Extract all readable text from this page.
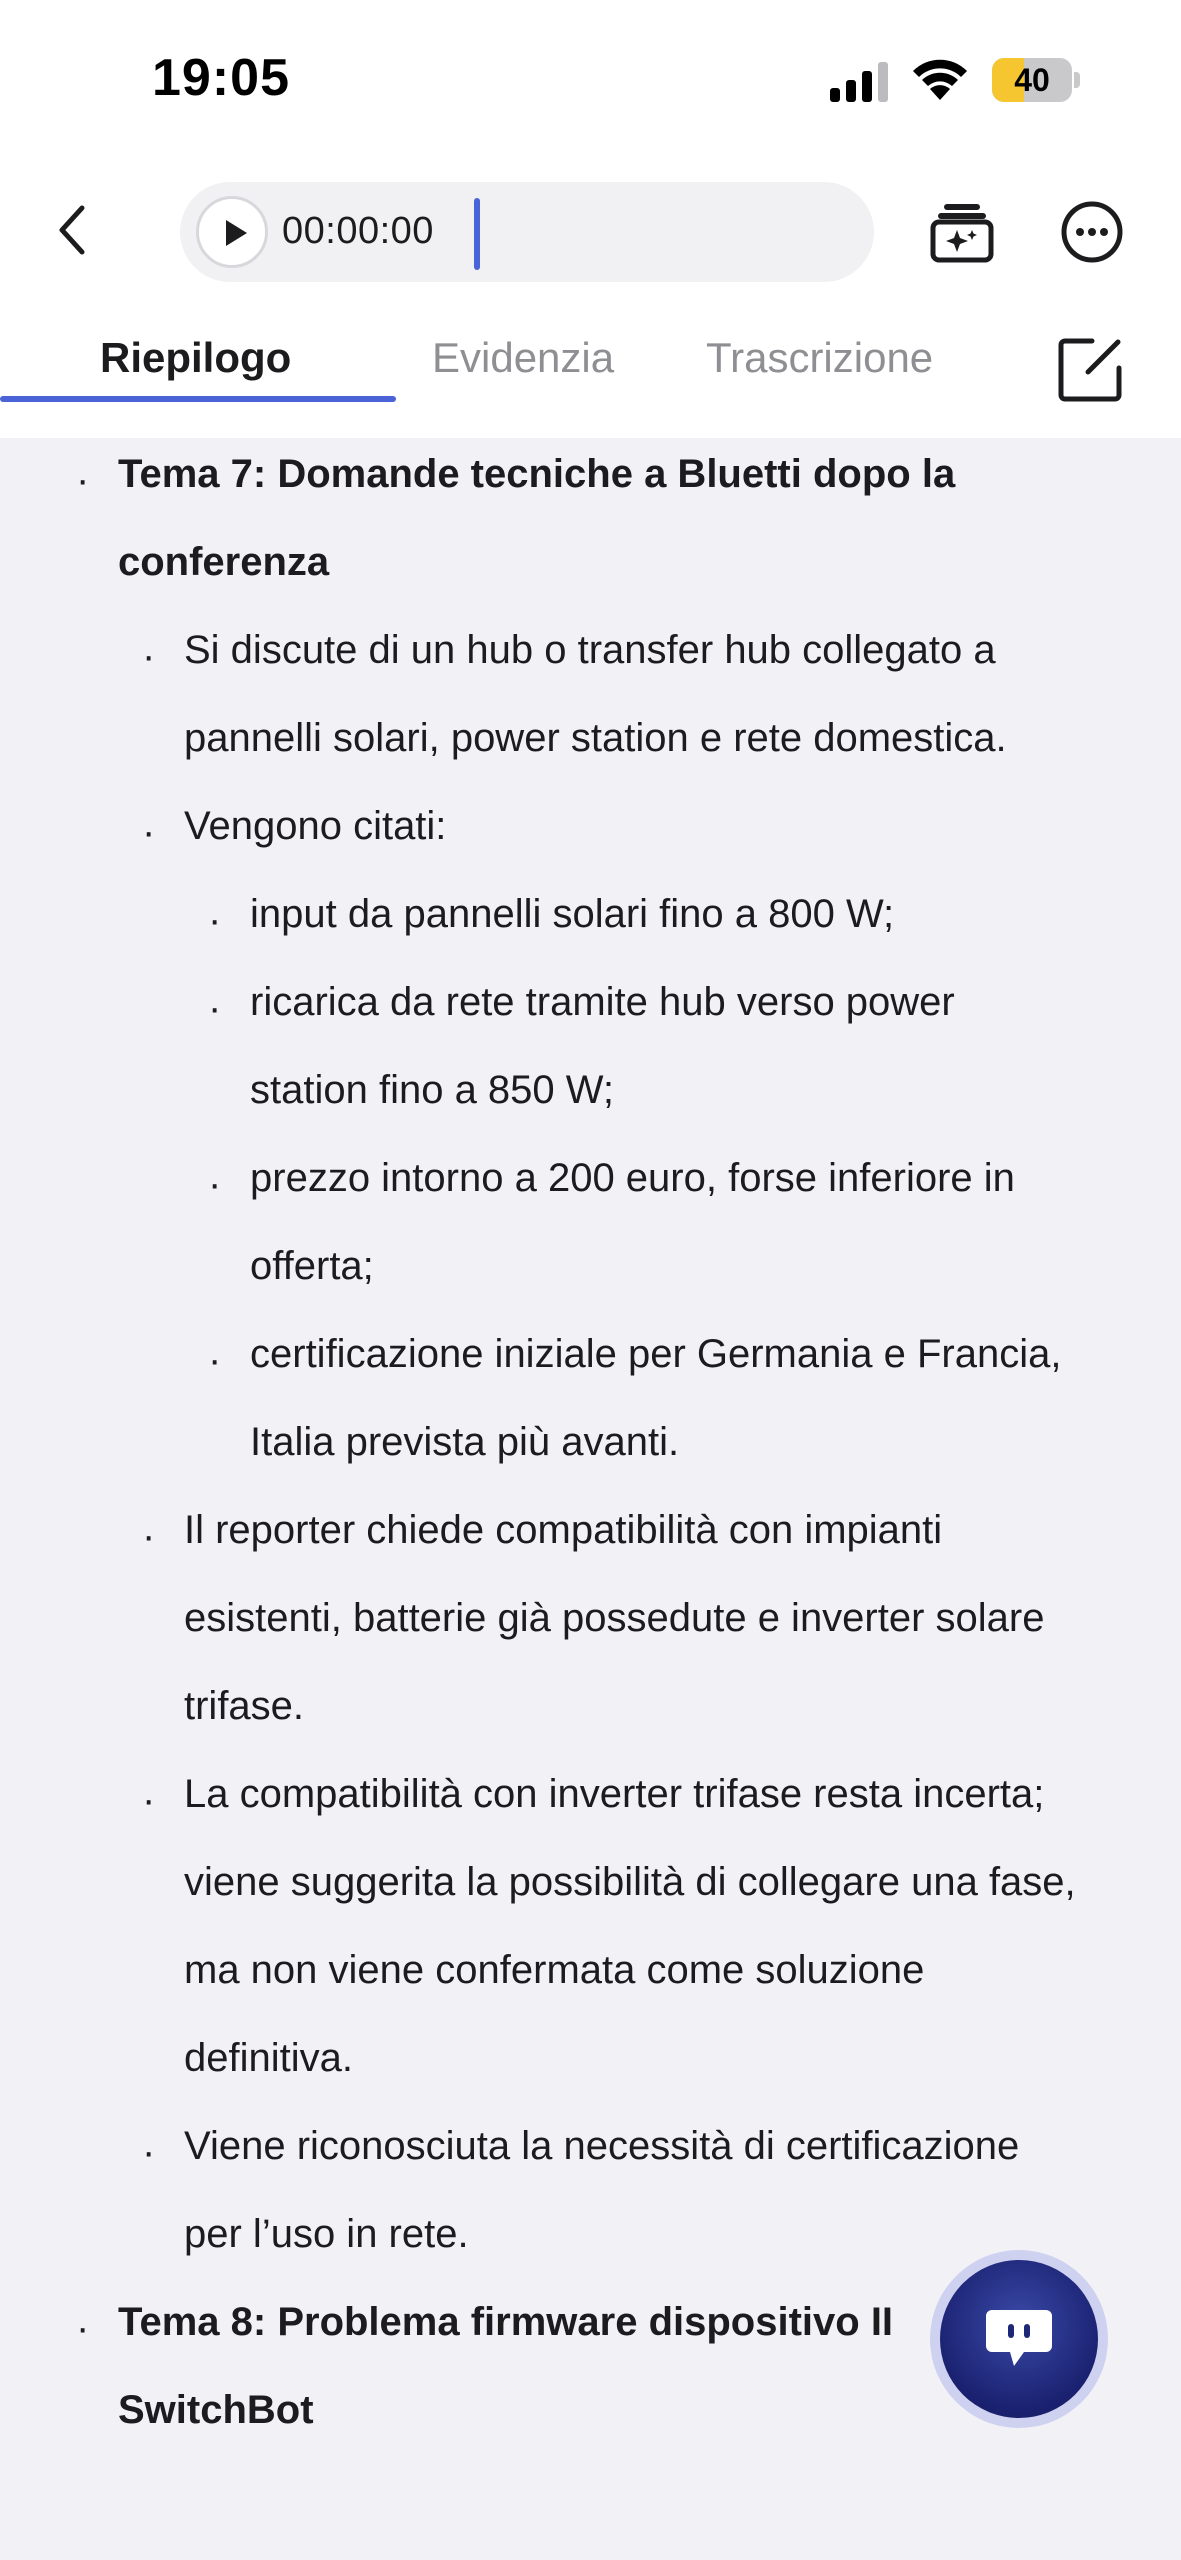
19:05	40
00:00:00
Riepilogo	Evidenzia Trascrizione
· Tema 7: Domande tecniche a Bluetti dopo la
conferenza
· Si discute di un hub o transfer hub collegato a
pannelli solari, power station e rete domestica.
· Vengono citati:
· input da pannelli solari fino a 800 W;
· ricarica da rete tramite hub verso power
station fino a 850 W;
· prezzo intorno a 200 euro, forse inferiore in
offerta;
· certificazione iniziale per Germania e Francia,
Italia prevista più avanti.
· Il reporter chiede compatibilità con impianti
esistenti, batterie già possedute e inverter solare
trifase.
· La compatibilità con inverter trifase resta incerta;
viene suggerita la possibilità di collegare una fase,
ma non viene confermata come soluzione
definitiva.
· Viene riconosciuta la necessità di certificazione
per l’uso in rete.
· Tema 8: Problema firmware dispositivo II
SwitchBot
